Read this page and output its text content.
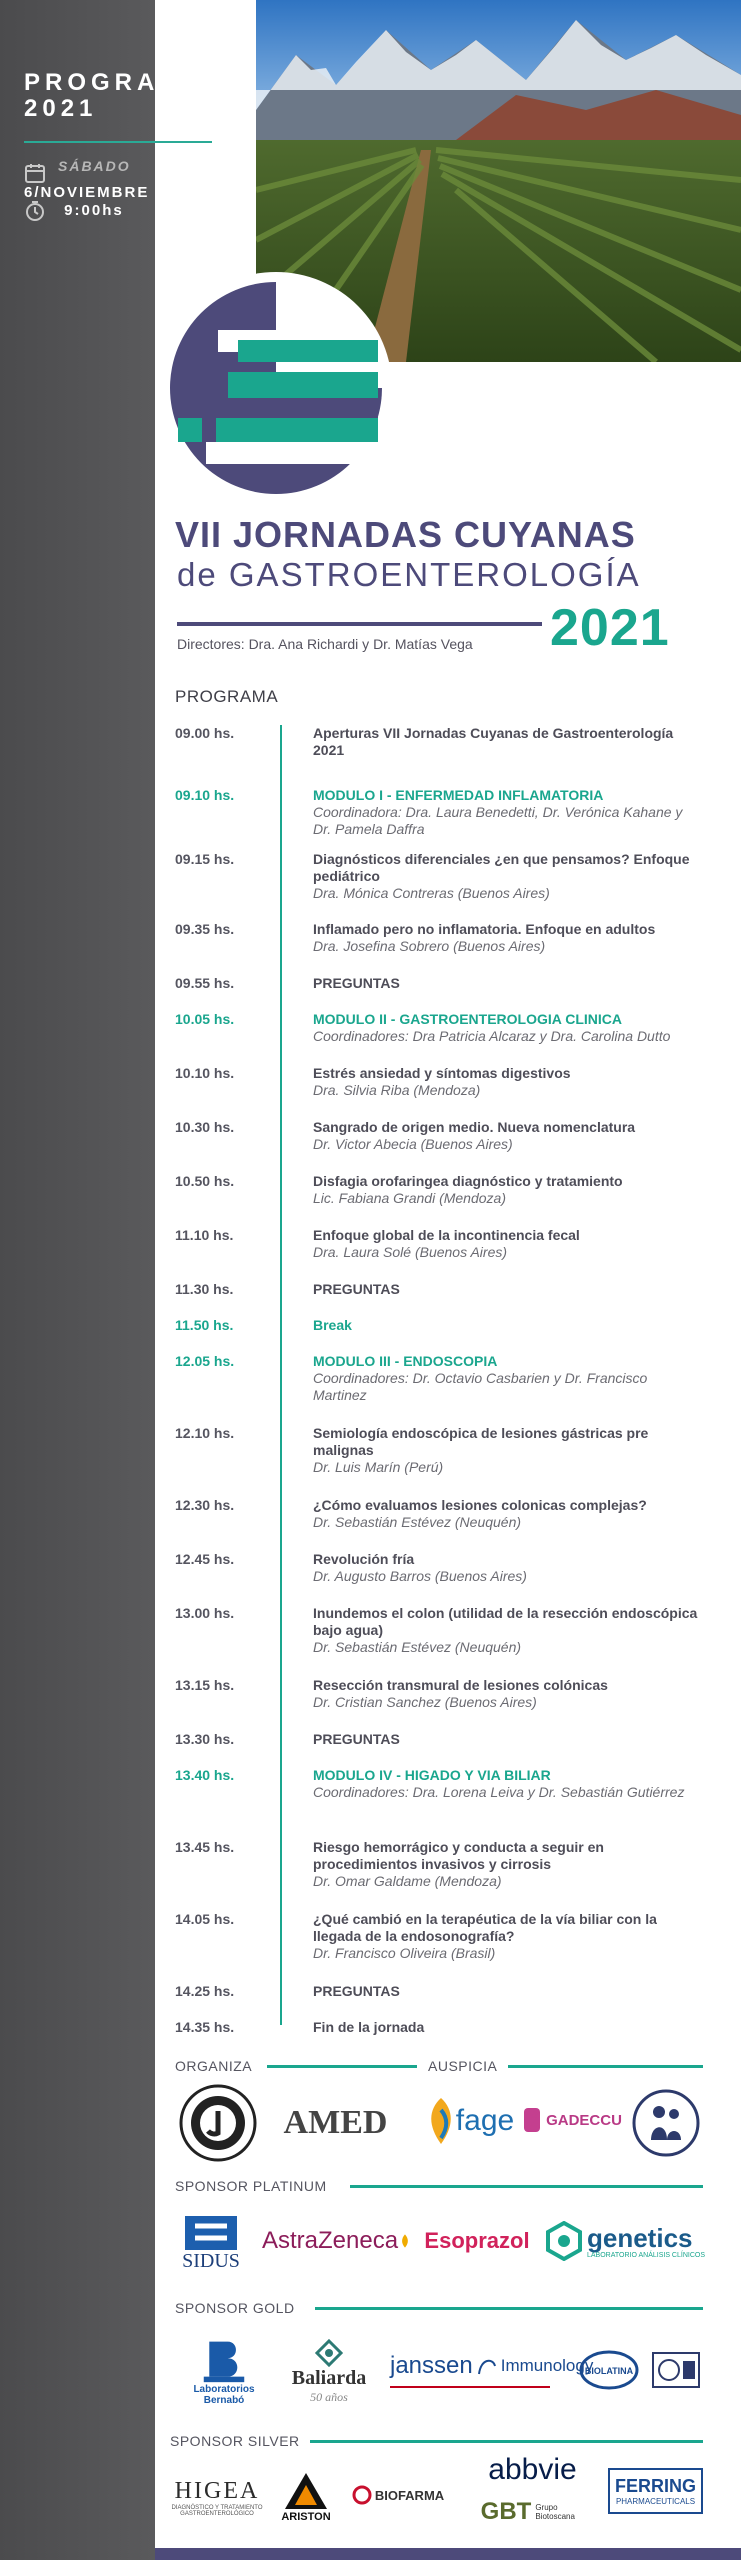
PROGRAMA
2021
SÁBADO
6/NOVIEMBRE
9:00hs
VII JORNADAS CUYANAS
de GASTROENTEROLOGÍA
2021
Directores: Dra. Ana Richardi y Dr. Matías Vega
PROGRAMA
09.00 hs.	Aperturas VII Jornadas Cuyanas de Gastroenterología 2021
09.10 hs.	MODULO I - ENFERMEDAD INFLAMATORIA
Coordinadora: Dra. Laura Benedetti, Dr. Verónica Kahane y Dr. Pamela Daffra
09.15 hs.	Diagnósticos diferenciales ¿en que pensamos? Enfoque pediátrico
Dra. Mónica Contreras (Buenos Aires)
09.35 hs.	Inflamado pero no inflamatoria. Enfoque en adultos
Dra. Josefina Sobrero (Buenos Aires)
09.55 hs.	PREGUNTAS
10.05 hs.	MODULO II - GASTROENTEROLOGIA CLINICA
Coordinadores: Dra Patricia Alcaraz y Dra. Carolina Dutto
10.10 hs.	Estrés ansiedad y síntomas digestivos
Dra. Silvia Riba (Mendoza)
10.30 hs.	Sangrado de origen medio. Nueva nomenclatura
Dr. Victor Abecia (Buenos Aires)
10.50 hs.	Disfagia orofaringea diagnóstico y tratamiento
Lic. Fabiana Grandi (Mendoza)
11.10 hs.	Enfoque global de la incontinencia fecal
Dra. Laura Solé (Buenos Aires)
11.30 hs.	PREGUNTAS
11.50 hs.	Break
12.05 hs.	MODULO III - ENDOSCOPIA
Coordinadores: Dr. Octavio Casbarien y Dr. Francisco Martinez
12.10 hs.	Semiología endoscópica de lesiones gástricas pre malignas
Dr. Luis Marín (Perú)
12.30 hs.	¿Cómo evaluamos lesiones colonicas complejas?
Dr. Sebastián Estévez (Neuquén)
12.45 hs.	Revolución fría
Dr. Augusto Barros (Buenos Aires)
13.00 hs.	Inundemos el colon (utilidad de la resección endoscópica bajo agua)
Dr. Sebastián Estévez (Neuquén)
13.15 hs.	Resección transmural de lesiones colónicas
Dr. Cristian Sanchez (Buenos Aires)
13.30 hs.	PREGUNTAS
13.40 hs.	MODULO IV - HIGADO Y VIA BILIAR
Coordinadores: Dra. Lorena Leiva y Dr. Sebastián Gutiérrez
13.45 hs.	Riesgo hemorrágico y conducta a seguir en procedimientos invasivos y cirrosis
Dr. Omar Galdame (Mendoza)
14.05 hs.	¿Qué cambió en la terapéutica de la vía biliar con la llegada de la endosonografía?
Dr. Francisco Oliveira (Brasil)
14.25 hs.	PREGUNTAS
14.35 hs.	Fin de la jornada
ORGANIZA	AUSPICIA
AMED	fage GADECCU
SPONSOR PLATINUM
SIDUS
AstraZeneca Esoprazol genetics
LABORATORIO ANÁLISIS CLÍNICOS
SPONSOR GOLD
Laboratorios Bernabó
Baliarda
50 años
janssen Immunology
BIOLATINA
SPONSOR SILVER
HIGEA
DIAGNÓSTICO Y TRATAMIENTO GASTROENTEROLÓGICO	ARISTON
BIOFARMA
abbvie
GBT Grupo Biotoscana
FERRING
PHARMACEUTICALS
